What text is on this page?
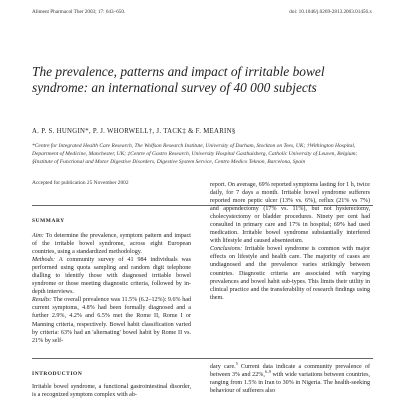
Aliment Pharmacol Ther 2003; 17: 643–650.	doi: 10.1046/j.0269-2813.2003.01456.x
The prevalence, patterns and impact of irritable bowel syndrome: an international survey of 40 000 subjects
A. P. S. HUNGIN*, P. J. WHORWELL†, J. TACK‡ & F. MEARIN§
*Centre for Integrated Health Care Research, The Wolfson Research Institute, University of Durham, Stockton on Tees, UK; †Withington Hospital, Department of Medicine, Manchester, UK; ‡Centre of Gastro Research, University Hospital Gasthuisberg, Catholic University of Leuven, Belgium; §Institute of Functional and Motor Digestive Disorders, Digestive System Service, Centro Medico Teknon, Barcelona, Spain
Accepted for publication 25 November 2002
SUMMARY

Aim: To determine the prevalence, symptom pattern and impact of the irritable bowel syndrome, across eight European countries, using a standardized methodology.

Methods: A community survey of 41 984 individuals was performed using quota sampling and random digit telephone dialling to identify those with diagnosed irritable bowel syndrome or those meeting diagnostic criteria, followed by in-depth interviews.

Results: The overall prevalence was 11.5% (6.2–12%): 9.6% had current symptoms, 4.8% had been formally diagnosed and a further 2.9%, 4.2% and 6.5% met the Rome II, Rome I or Manning criteria, respectively. Bowel habit classification varied by criteria: 63% had an 'alternating' bowel habit by Rome II vs. 21% by self-

report. On average, 69% reported symptoms lasting for 1 h, twice daily, for 7 days a month. Irritable bowel syndrome sufferers reported more peptic ulcer (13% vs. 6%), reflux (21% vs 7%) and appendectomy (17% vs. 11%), but not hysterectomy, cholecystectomy or bladder procedures. Ninety per cent had consulted in primary care and 17% in hospital; 69% had used medication. Irritable bowel syndrome substantially interfered with lifestyle and caused absenteeism.

Conclusions: Irritable bowel syndrome is common with major effects on lifestyle and health care. The majority of cases are undiagnosed and the prevalence varies strikingly between countries. Diagnostic criteria are associated with varying prevalences and bowel habit sub-types. This limits their utility in clinical practice and the transferability of research findings using them.

INTRODUCTION
Irritable bowel syndrome, a functional gastrointestinal disorder, is a recognized symptom complex with ab-
dary care.$^5$ Current data indicate a community prevalence of between 3% and 22%,$^{6-9}$ with wide variations between countries, ranging from 1.5% in Iran to 30% in Nigeria. The health-seeking behaviour of sufferers also
